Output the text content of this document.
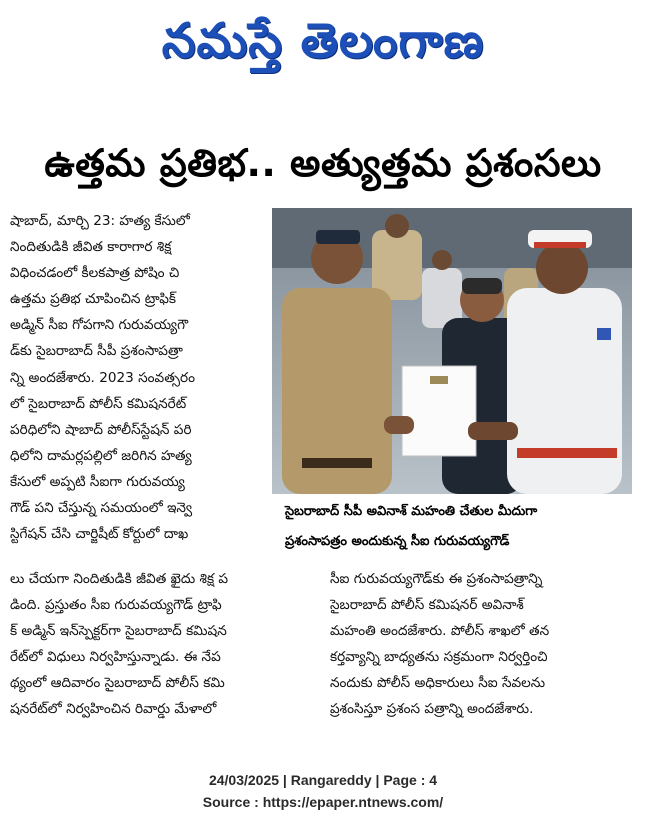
నమస్తే తెలంగాణ
ఉత్తమ ప్రతిభ.. అత్యుత్తమ ప్రశంసలు
షాబాద్, మార్చి 23: హత్య కేసులో
నిందితుడికి జీవిత కారాగార శిక్ష
విధించడంలో కీలకపాత్ర పోషిం చి
ఉత్తమ ప్రతిభ చూపించిన ట్రాఫిక్
అడ్మిన్ సీఐ గోపగాని గురువయ్యగౌ
డ్‌కు సైబరాబాద్ సీపీ ప్రశంసాపత్రా
న్ని అందజేశారు. 2023 సంవత్సరం
లో సైబరాబాద్ పోలీస్ కమిషనరేట్
పరిధిలోని షాబాద్ పోలీస్‌స్టేషన్ పరి
ధిలోని దామర్లపల్లిలో జరిగిన హత్య
కేసులో అప్పటి సీఐగా గురువయ్య
గౌడ్ పని చేస్తున్న సమయంలో ఇన్వె
స్టిగేషన్ చేసి చార్జిషీట్ కోర్టులో దాఖ
సైబరాబాద్ సీపీ అవినాశ్ మహంతి చేతుల మీదుగా
ప్రశంసాపత్రం అందుకున్న సీఐ గురువయ్యగౌడ్
లు చేయగా నిందితుడికి జీవిత ఖైదు శిక్ష ప
డింది. ప్రస్తుతం సీఐ గురువయ్యగౌడ్ ట్రాఫి
క్ అడ్మిన్ ఇన్‌స్పెక్టర్‌గా సైబరాబాద్ కమిషన
రేట్‌లో విధులు నిర్వహిస్తున్నాడు. ఈ నేప
థ్యంలో ఆదివారం సైబరాబాద్ పోలీస్ కమి
షనరేట్‌లో నిర్వహించిన రివార్డు మేళాలో
సీఐ గురువయ్యగౌడ్‌కు ఈ ప్రశంసాపత్రాన్ని
సైబరాబాద్ పోలీస్ కమిషనర్ అవినాశ్
మహంతి అందజేశారు. పోలీస్ శాఖలో తన
కర్తవ్యాన్ని బాధ్యతను సక్రమంగా నిర్వర్తించి
నందుకు పోలీస్ అధికారులు సీఐ సేవలను
ప్రశంసిస్తూ ప్రశంస పత్రాన్ని అందజేశారు.
24/03/2025 | Rangareddy | Page : 4
Source : https://epaper.ntnews.com/
